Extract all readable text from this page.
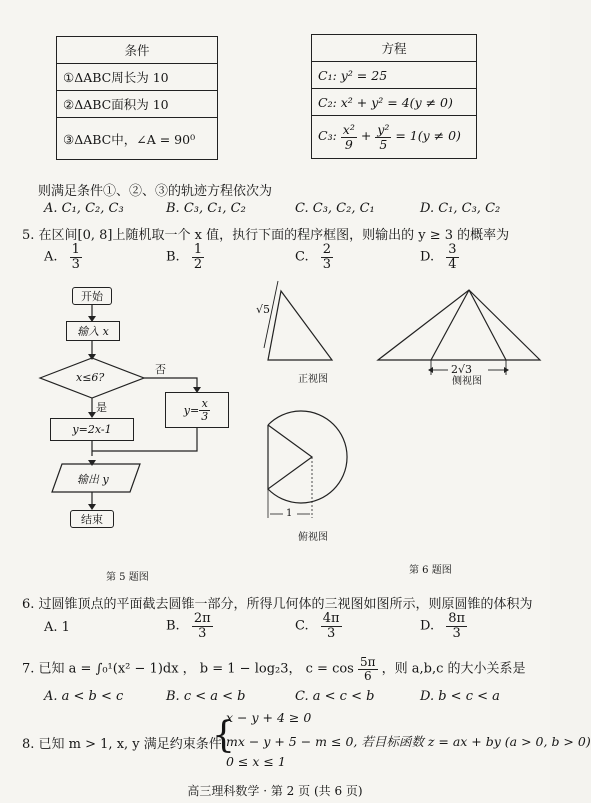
条件
①ΔABC周长为 10
②ΔABC面积为 10
③ΔABC中，∠A = 90⁰
方程
C₁: y² = 25
C₂: x² + y² = 4(y ≠ 0)
C₃: $\frac{\text{x²}}{9} + \frac{\text{y²}}{5} = 1(y \ne 0)$
则满足条件①、②、③的轨迹方程依次为
A. C₁, C₂, C₃	B. C₃, C₁, C₂	C. C₃, C₂, C₁	D. C₁, C₃, C₂
5. 在区间[0, 8]上随机取一个 x 值，执行下面的程序框图，则输出的 y ≥ 3 的概率为
A. $\frac{1}{3}$	B. $\frac{1}{2}$	C. $\frac{2}{3}$	D. $\frac{3}{4}$
开始
输入 x
x≤6?
是
否
y=2x-1
$y= \frac{x}{3}$
输出 y
结束
√5
正视图	侧视图
2√3
1
俯视图
第 5 题图
第 6 题图
6. 过圆锥顶点的平面截去圆锥一部分，所得几何体的三视图如图所示，则原圆锥的体积为
A. 1	B. $\frac{2\pi}{3}$	C. $\frac{4\pi}{3}$	D. $\frac{8\pi}{3}$
7. 已知 a = ∫₀¹(x² − 1)dx ， b = 1 − log₂3， $c = \cos \frac{5\pi}{6}$ ，则 a,b,c 的大小关系是
A. a < b < c	B. c < a < b	C. a < c < b	D. b < c < a
8. 已知 m > 1, x, y 满足约束条件
{
x − y + 4 ≥ 0
mx − y + 5 − m ≤ 0, 若目标函数 z = ax + by (a > 0, b > 0)
0 ≤ x ≤ 1
高三理科数学 · 第 2 页 (共 6 页)
